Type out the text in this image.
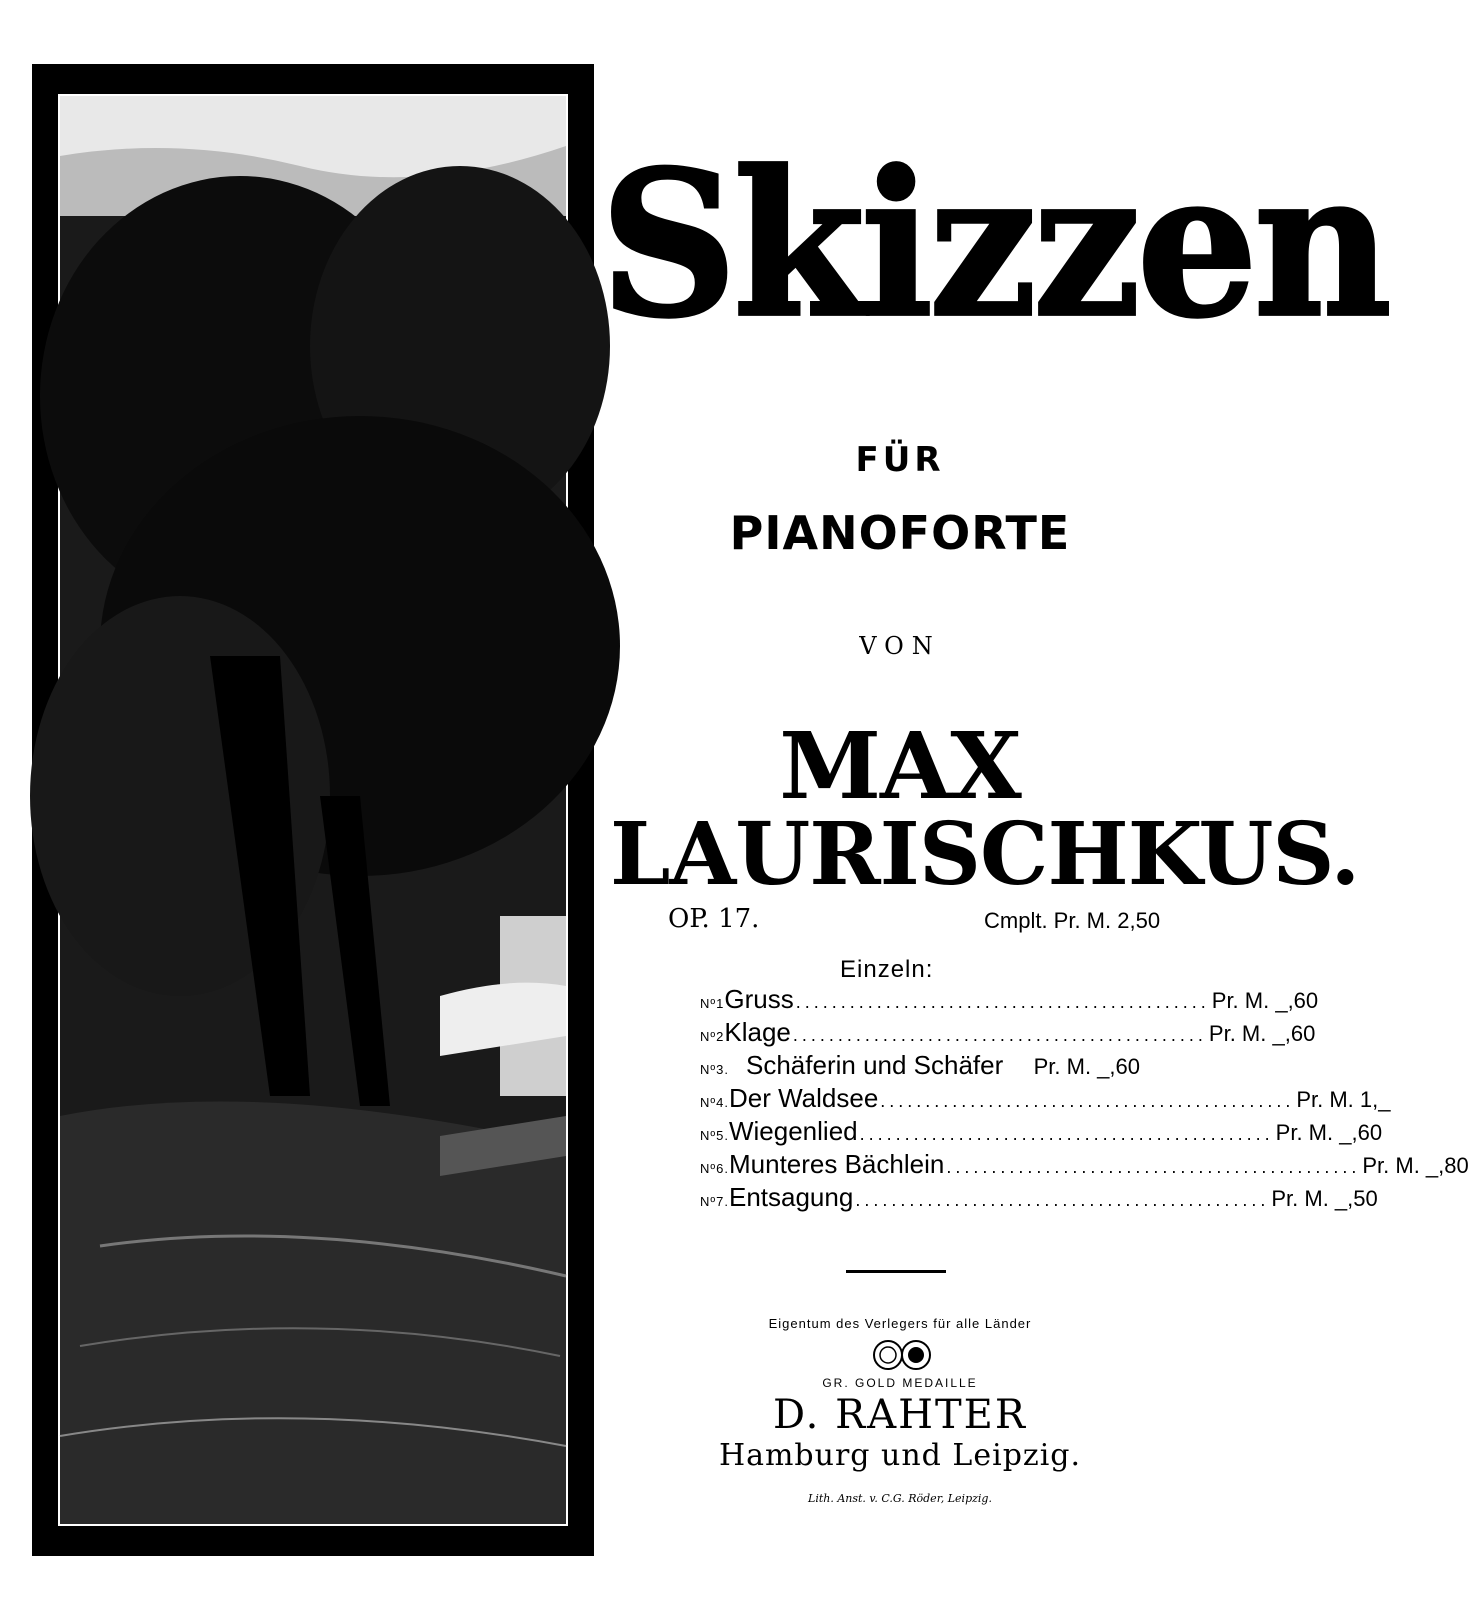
Skizzen
FÜR
PIANOFORTE
VON
MAX
LAURISCHKUS.
OP. 17.	Cmplt. Pr. M. 2,50
Einzeln:
Nº1 Gruss .............................................. Pr. M. _,60
Nº2 Klage .............................................. Pr. M. _,60
Nº3. Schäferin und Schäfer Pr. M. _,60
Nº4. Der Waldsee .............................................. Pr. M. 1,_
Nº5. Wiegenlied .............................................. Pr. M. _,60
Nº6. Munteres Bächlein .............................................. Pr. M. _,80
Nº7. Entsagung .............................................. Pr. M. _,50
Eigentum des Verlegers für alle Länder
GR. GOLD MEDAILLE
D. RAHTER
Hamburg und Leipzig.
Lith. Anst. v. C.G. Röder, Leipzig.
